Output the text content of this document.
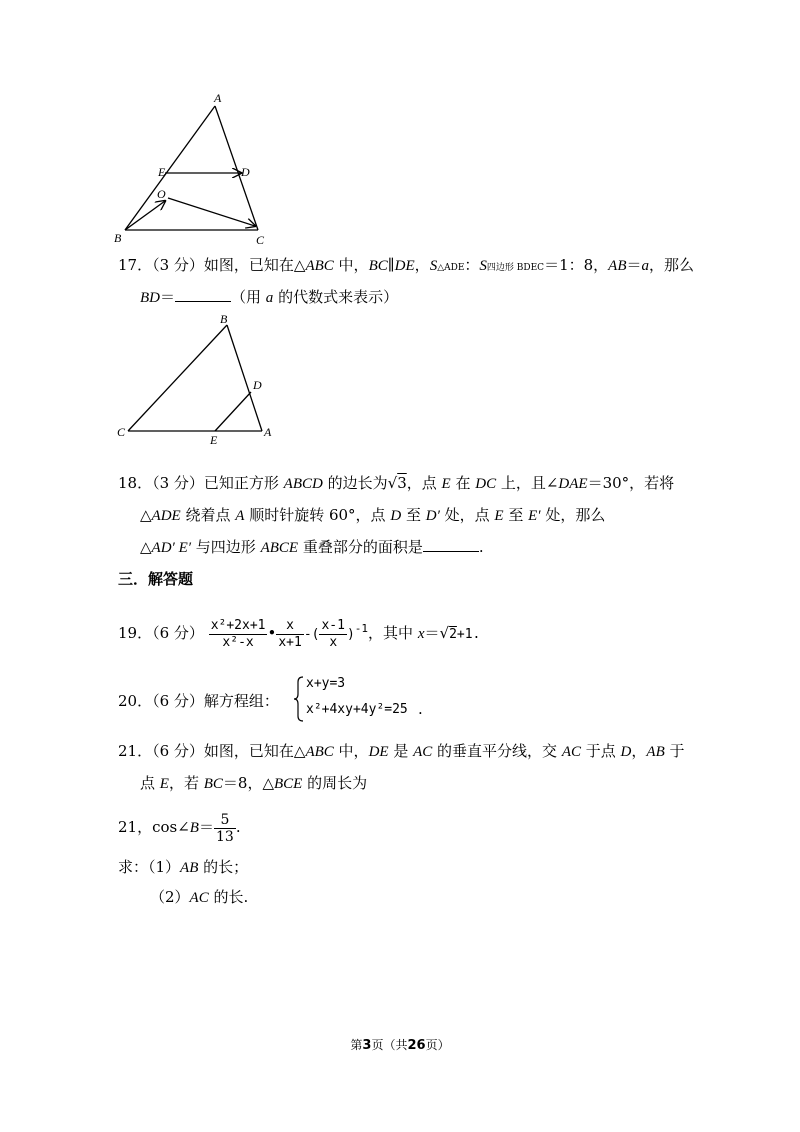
A
B	C
D
E
O
17．（3 分）如图，已知在△ABC 中，BC∥DE，S△ADE：S四边形 BDEC＝1：8，AB＝a，那么
BD＝	（用 a 的代数式来表示）
B
C	A
D
E
18．（3 分）已知正方形 ABCD 的边长为√3，点 E 在 DC 上，且∠DAE＝30°，若将
△ADE 绕着点 A 顺时针旋转 60°，点 D 至 D′ 处，点 E 至 E′ 处，那么
△AD′ E′ 与四边形 ABCE 重叠部分的面积是	.
三．解答题
19．（6 分） $\frac{\text{x²+2x+1}}{\text{x²-x}}$ • $\frac{x}{x+1}$ -( $\frac{x-1}{x} )^{-1}$，其中 x＝√2+1.
20．（6 分）解方程组：
x+y=3
x²+4xy+4y²=25 .
21．（6 分）如图，已知在△ABC 中，DE 是 AC 的垂直平分线，交 AC 于点 D，AB 于
点 E，若 BC＝8，△BCE 的周长为
21，cos∠B＝ $\frac{5}{13}$ .
求：（1）AB 的长；
（2）AC 的长.
第3页（共26页）
